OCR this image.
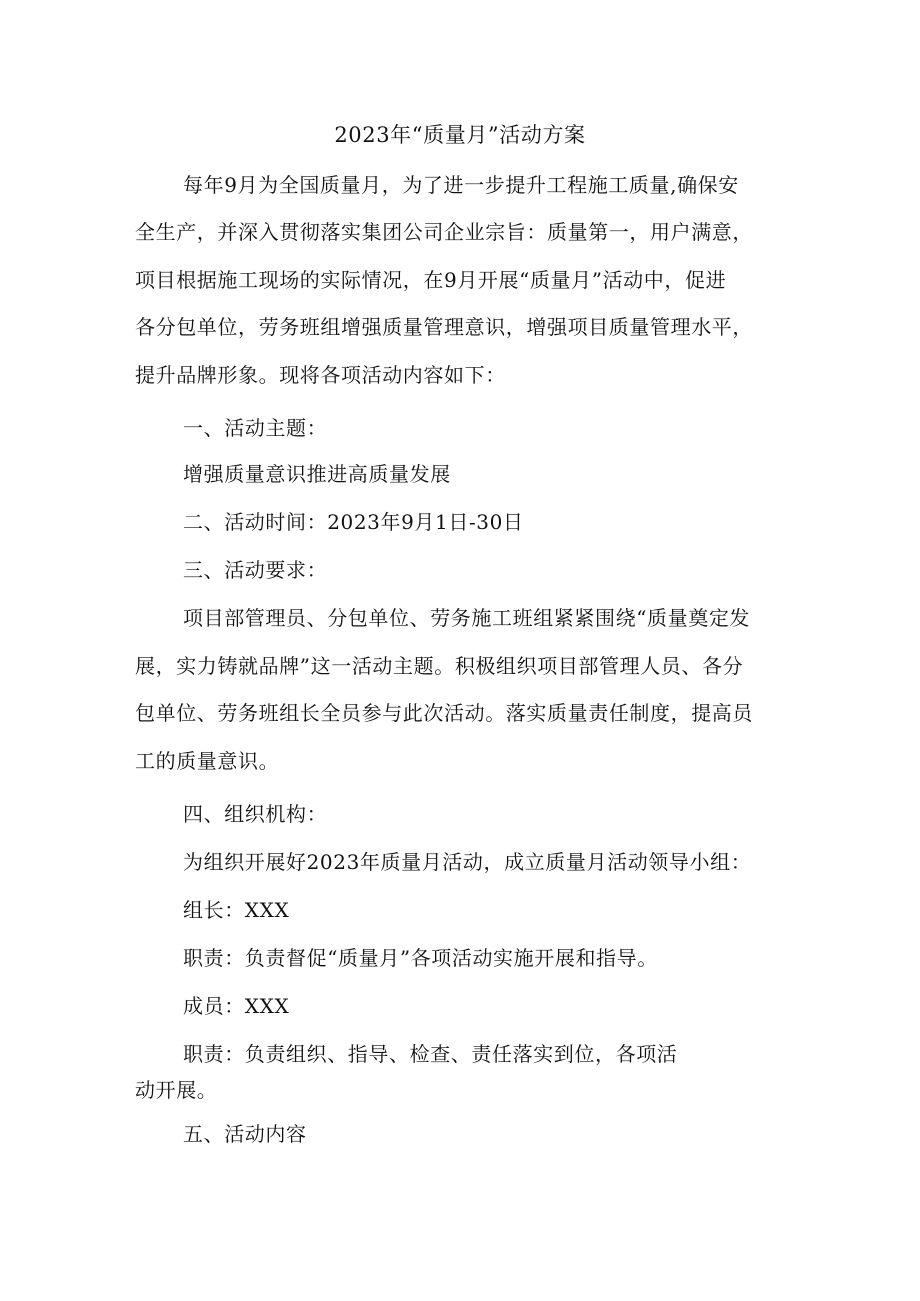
2023年“质量月”活动方案
每年9月为全国质量月，为了进一步提升工程施工质量,确保安
全生产，并深入贯彻落实集团公司企业宗旨：质量第一，用户满意，
项目根据施工现场的实际情况，在9月开展“质量月”活动中，促进
各分包单位，劳务班组增强质量管理意识，增强项目质量管理水平，
提升品牌形象。现将各项活动内容如下：
一、活动主题：
增强质量意识推进高质量发展
二、活动时间：2023年9月1日-30日
三、活动要求：
项目部管理员、分包单位、劳务施工班组紧紧围绕“质量奠定发
展，实力铸就品牌”这一活动主题。积极组织项目部管理人员、各分
包单位、劳务班组长全员参与此次活动。落实质量责任制度，提高员
工的质量意识。
四、组织机构：
为组织开展好2023年质量月活动，成立质量月活动领导小组：
组长：XXX
职责：负责督促“质量月”各项活动实施开展和指导。
成员：XXX
职责：负责组织、指导、检查、责任落实到位，各项活
动开展。
五、活动内容
